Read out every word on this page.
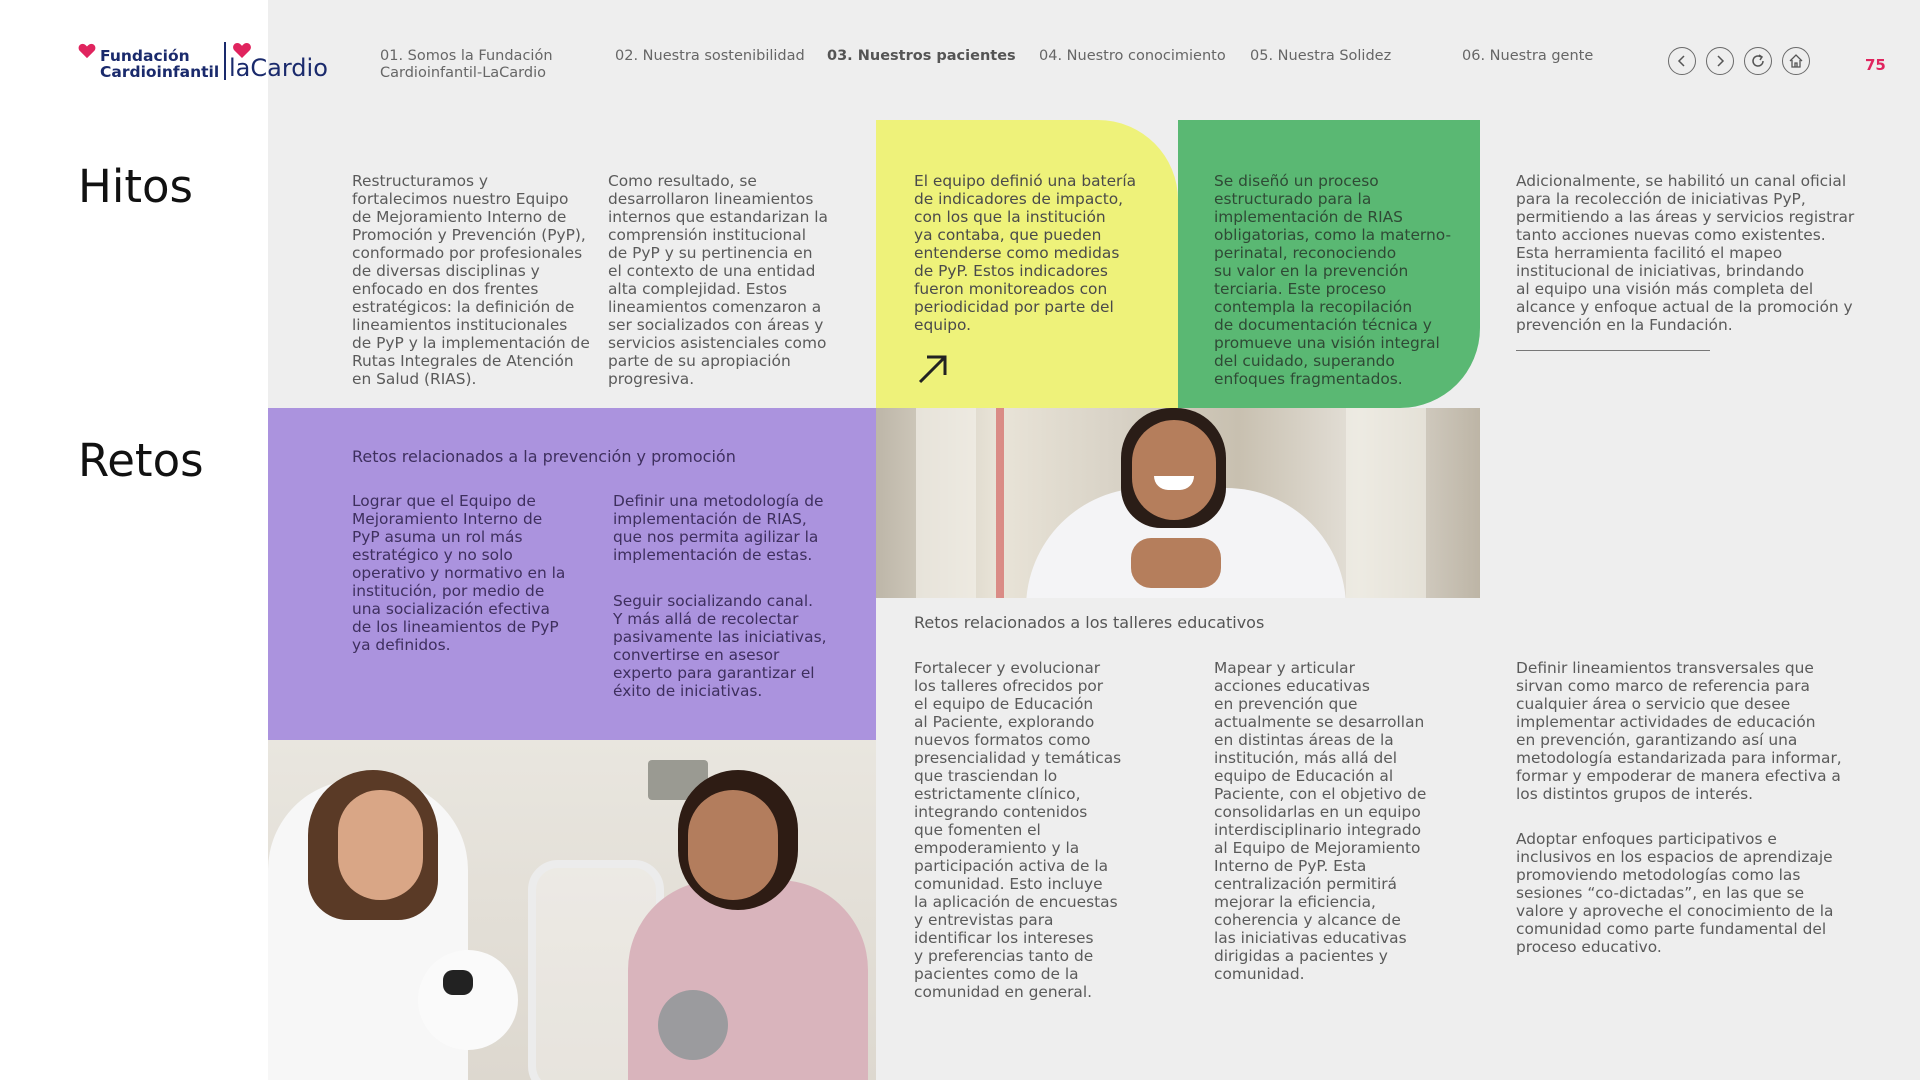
Fundación
Cardioinfantil laCardio	01. Somos la Fundación
Cardioinfantil-LaCardio
02. Nuestra sostenibilidad 03. Nuestros pacientes 04. Nuestro conocimiento 05. Nuestra Solidez	06. Nuestra gente	75
Hitos
Retos
Restructuramos y
fortalecimos nuestro Equipo
de Mejoramiento Interno de
Promoción y Prevención (PyP),
conformado por profesionales
de diversas disciplinas y
enfocado en dos frentes
estratégicos: la definición de
lineamientos institucionales
de PyP y la implementación de
Rutas Integrales de Atención
en Salud (RIAS).
Como resultado, se
desarrollaron lineamientos
internos que estandarizan la
comprensión institucional
de PyP y su pertinencia en
el contexto de una entidad
alta complejidad. Estos
lineamientos comenzaron a
ser socializados con áreas y
servicios asistenciales como
parte de su apropiación
progresiva.
El equipo definió una batería
de indicadores de impacto,
con los que la institución
ya contaba, que pueden
entenderse como medidas
de PyP. Estos indicadores
fueron monitoreados con
periodicidad por parte del
equipo.
Se diseñó un proceso
estructurado para la
implementación de RIAS
obligatorias, como la materno-
perinatal, reconociendo
su valor en la prevención
terciaria. Este proceso
contempla la recopilación
de documentación técnica y
promueve una visión integral
del cuidado, superando
enfoques fragmentados.
Adicionalmente, se habilitó un canal oficial
para la recolección de iniciativas PyP,
permitiendo a las áreas y servicios registrar
tanto acciones nuevas como existentes.
Esta herramienta facilitó el mapeo
institucional de iniciativas, brindando
al equipo una visión más completa del
alcance y enfoque actual de la promoción y
prevención en la Fundación.
Retos relacionados a la prevención y promoción
Lograr que el Equipo de
Mejoramiento Interno de
PyP asuma un rol más
estratégico y no solo
operativo y normativo en la
institución, por medio de
una socialización efectiva
de los lineamientos de PyP
ya definidos.
Definir una metodología de
implementación de RIAS,
que nos permita agilizar la
implementación de estas.
Seguir socializando canal.
Y más allá de recolectar
pasivamente las iniciativas,
convertirse en asesor
experto para garantizar el
éxito de iniciativas.
Retos relacionados a los talleres educativos
Fortalecer y evolucionar
los talleres ofrecidos por
el equipo de Educación
al Paciente, explorando
nuevos formatos como
presencialidad y temáticas
que trasciendan lo
estrictamente clínico,
integrando contenidos
que fomenten el
empoderamiento y la
participación activa de la
comunidad. Esto incluye
la aplicación de encuestas
y entrevistas para
identificar los intereses
y preferencias tanto de
pacientes como de la
comunidad en general.
Mapear y articular
acciones educativas
en prevención que
actualmente se desarrollan
en distintas áreas de la
institución, más allá del
equipo de Educación al
Paciente, con el objetivo de
consolidarlas en un equipo
interdisciplinario integrado
al Equipo de Mejoramiento
Interno de PyP. Esta
centralización permitirá
mejorar la eficiencia,
coherencia y alcance de
las iniciativas educativas
dirigidas a pacientes y
comunidad.
Definir lineamientos transversales que
sirvan como marco de referencia para
cualquier área o servicio que desee
implementar actividades de educación
en prevención, garantizando así una
metodología estandarizada para informar,
formar y empoderar de manera efectiva a
los distintos grupos de interés.
Adoptar enfoques participativos e
inclusivos en los espacios de aprendizaje
promoviendo metodologías como las
sesiones “co-dictadas”, en las que se
valore y aproveche el conocimiento de la
comunidad como parte fundamental del
proceso educativo.
